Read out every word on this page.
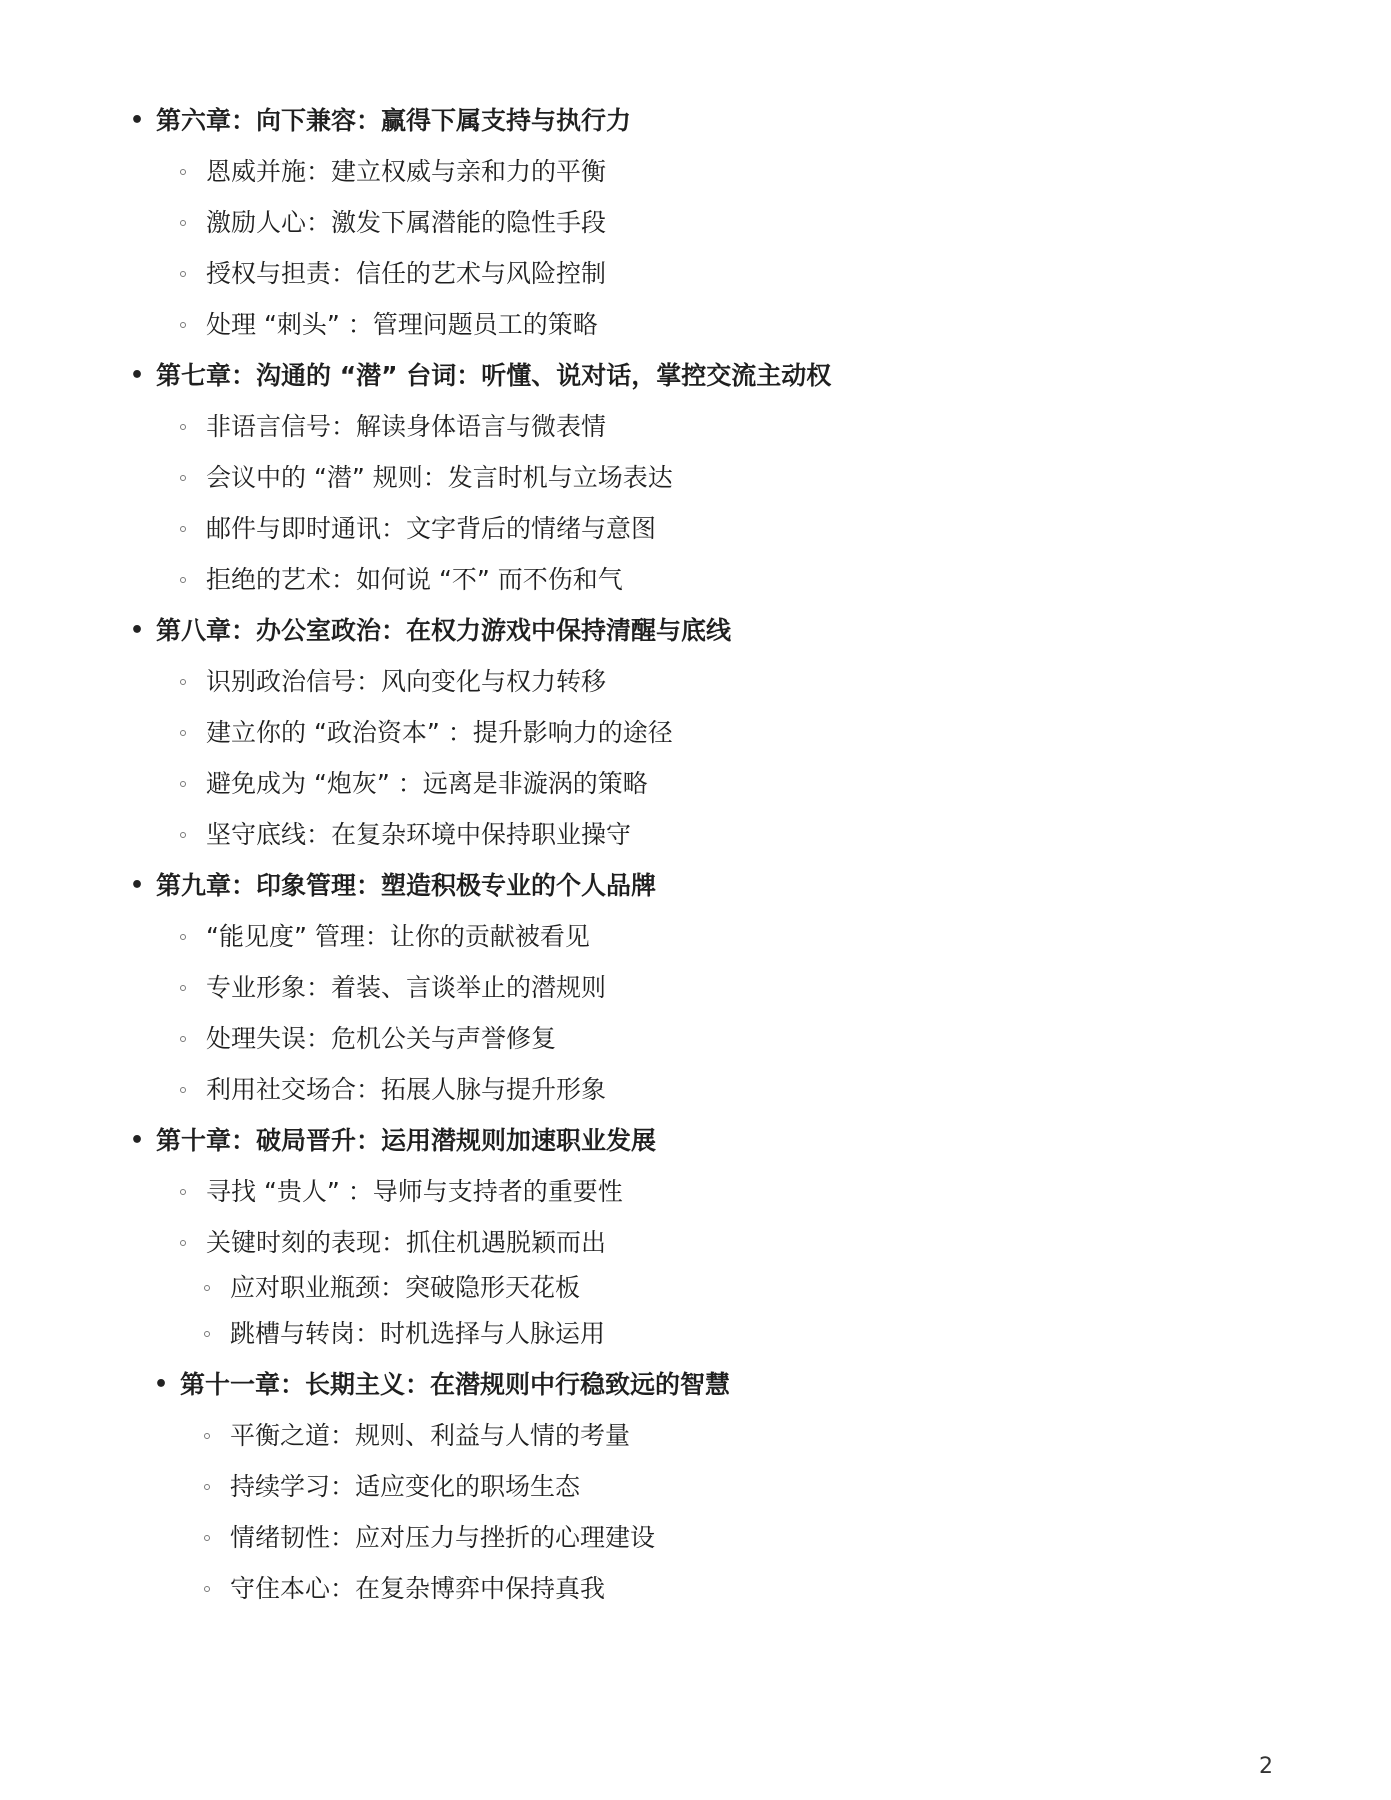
• 第六章：向下兼容：赢得下属支持与执行力
恩威并施：建立权威与亲和力的平衡
激励人心：激发下属潜能的隐性手段
授权与担责：信任的艺术与风险控制
处理 “刺头” ：管理问题员工的策略
• 第七章：沟通的 “潜” 台词：听懂、说对话，掌控交流主动权
非语言信号：解读身体语言与微表情
会议中的 “潜” 规则：发言时机与立场表达
邮件与即时通讯：文字背后的情绪与意图
拒绝的艺术：如何说 “不” 而不伤和气
• 第八章：办公室政治：在权力游戏中保持清醒与底线
识别政治信号：风向变化与权力转移
建立你的 “政治资本” ：提升影响力的途径
避免成为 “炮灰” ：远离是非漩涡的策略
坚守底线：在复杂环境中保持职业操守
• 第九章：印象管理：塑造积极专业的个人品牌
“能见度” 管理：让你的贡献被看见
专业形象：着装、言谈举止的潜规则
处理失误：危机公关与声誉修复
利用社交场合：拓展人脉与提升形象
• 第十章：破局晋升：运用潜规则加速职业发展
寻找 “贵人” ：导师与支持者的重要性
关键时刻的表现：抓住机遇脱颖而出
应对职业瓶颈：突破隐形天花板
跳槽与转岗：时机选择与人脉运用
• 第十一章：长期主义：在潜规则中行稳致远的智慧
平衡之道：规则、利益与人情的考量
持续学习：适应变化的职场生态
情绪韧性：应对压力与挫折的心理建设
守住本心：在复杂博弈中保持真我
2
